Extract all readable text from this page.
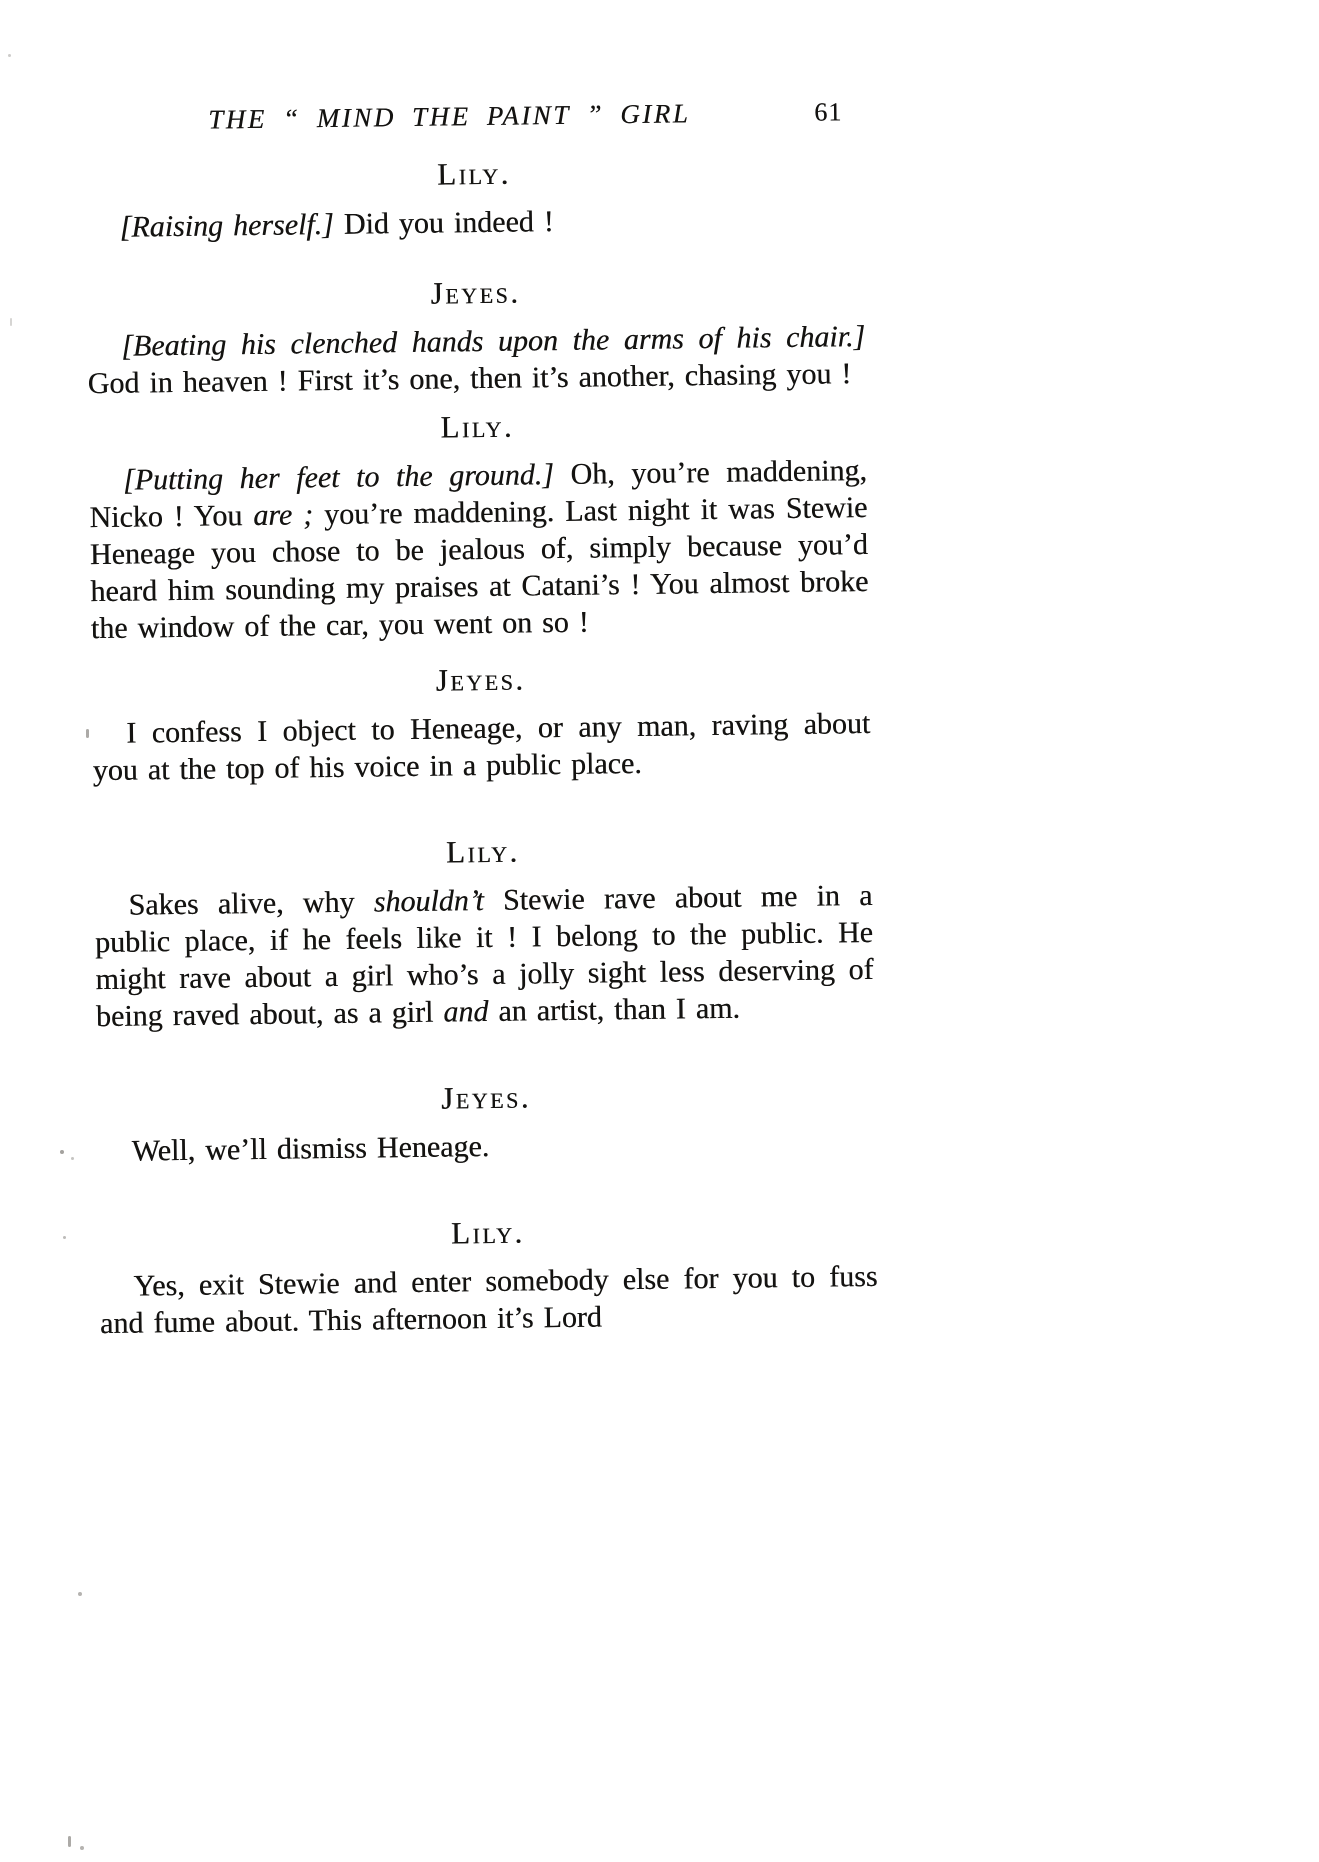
THE “ MIND THE PAINT ” GIRL	61
Lily.

[Raising herself.] Did you indeed !

Jeyes.

[Beating his clenched hands upon the arms of his chair.] God in heaven ! First it’s one, then it’s another, chasing you !

Lily.

[Putting her feet to the ground.] Oh, you’re maddening, Nicko ! You are ; you’re maddening. Last night it was Stewie Heneage you chose to be jealous of, simply because you’d heard him sounding my praises at Catani’s ! You almost broke the window of the car, you went on so !

Jeyes.

I confess I object to Heneage, or any man, raving about you at the top of his voice in a public place.

Lily.

Sakes alive, why shouldn’t Stewie rave about me in a public place, if he feels like it ! I belong to the public. He might rave about a girl who’s a jolly sight less deserving of being raved about, as a girl and an artist, than I am.

Jeyes.

Well, we’ll dismiss Heneage.

Lily.

Yes, exit Stewie and enter somebody else for you to fuss and fume about. This afternoon it’s Lord
